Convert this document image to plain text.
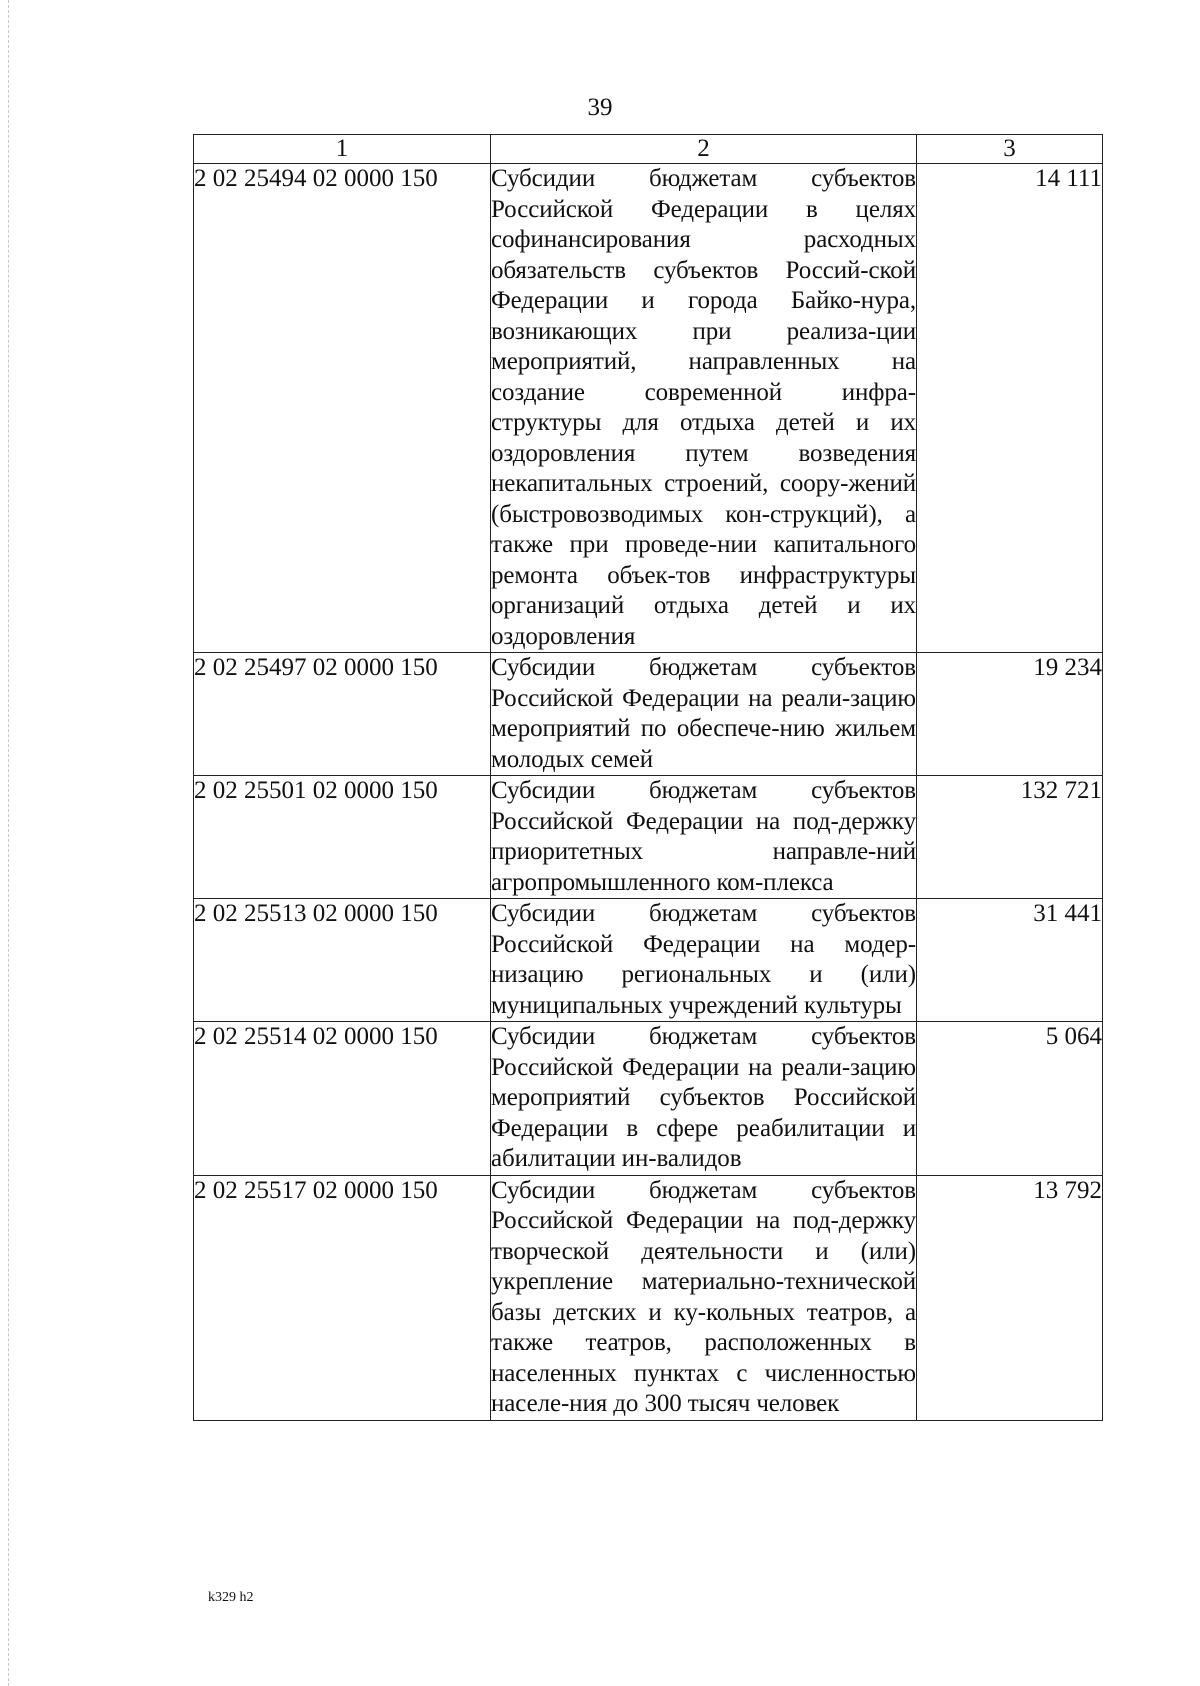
39
1	2	3
2 02 25494 02 0000 150	Субсидии бюджетам субъектов Российской Федерации в целях софинансирования расходных обязательств субъектов Россий-ской Федерации и города Байко-нура, возникающих при реализа-ции мероприятий, направленных на создание современной инфра-структуры для отдыха детей и их оздоровления путем возведения некапитальных строений, соору-жений (быстровозводимых кон-струкций), а также при проведе-нии капитального ремонта объек-тов инфраструктуры организаций отдыха детей и их оздоровления	14 111
2 02 25497 02 0000 150	Субсидии бюджетам субъектов Российской Федерации на реали-зацию мероприятий по обеспече-нию жильем молодых семей	19 234
2 02 25501 02 0000 150	Субсидии бюджетам субъектов Российской Федерации на под-держку приоритетных направле-ний агропромышленного ком-плекса	132 721
2 02 25513 02 0000 150	Субсидии бюджетам субъектов Российской Федерации на модер-низацию региональных и (или) муниципальных учреждений культуры	31 441
2 02 25514 02 0000 150	Субсидии бюджетам субъектов Российской Федерации на реали-зацию мероприятий субъектов Российской Федерации в сфере реабилитации и абилитации ин-валидов	5 064
2 02 25517 02 0000 150	Субсидии бюджетам субъектов Российской Федерации на под-держку творческой деятельности и (или) укрепление материально-технической базы детских и ку-кольных театров, а также театров, расположенных в населенных пунктах с численностью населе-ния до 300 тысяч человек	13 792
k329 h2
